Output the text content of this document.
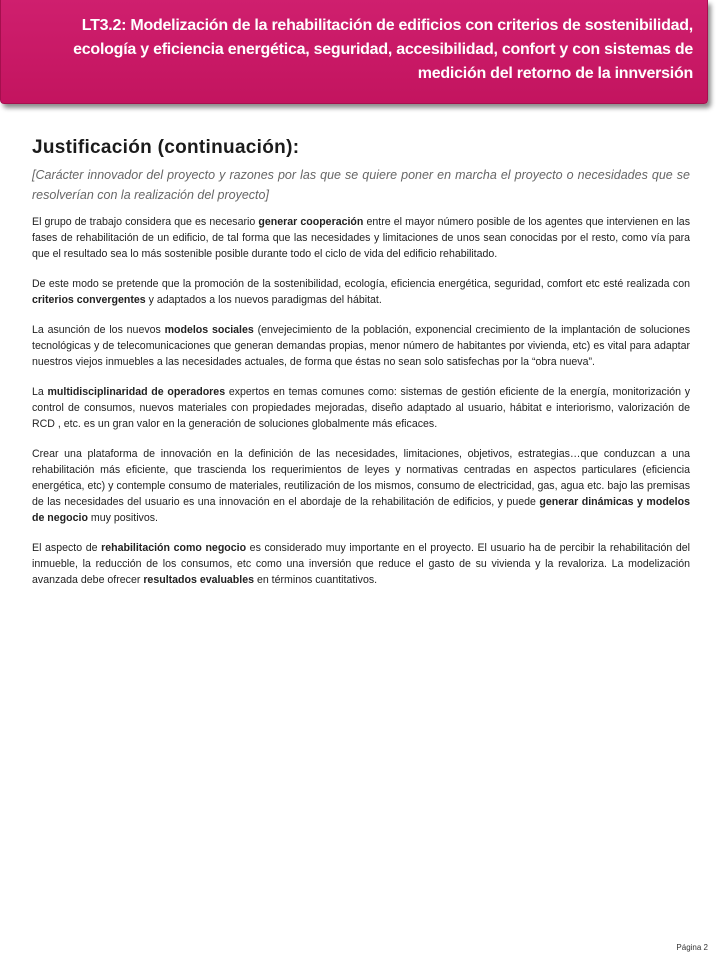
LT3.2: Modelización de la rehabilitación de edificios con criterios de sostenibilidad, ecología y eficiencia energética, seguridad, accesibilidad, confort y con sistemas de medición del retorno de la innversión

Justificación (continuación):

[Carácter innovador del proyecto y razones por las que se quiere poner en marcha el proyecto o necesidades que se resolverían con la realización del proyecto]

El grupo de trabajo considera que es necesario generar cooperación entre el mayor número posible de los agentes que intervienen en las fases de rehabilitación de un edificio, de tal forma que las necesidades y limitaciones de unos sean conocidas por el resto, como vía para que el resultado sea lo más sostenible posible durante todo el ciclo de vida del edificio rehabilitado.

De este modo se pretende que la promoción de la sostenibilidad, ecología, eficiencia energética, seguridad, comfort etc esté realizada con criterios convergentes y adaptados a los nuevos paradigmas del hábitat.

La asunción de los nuevos modelos sociales (envejecimiento de la población, exponencial crecimiento de la implantación de soluciones tecnológicas y de telecomunicaciones que generan demandas propias, menor número de habitantes por vivienda, etc) es vital para adaptar nuestros viejos inmuebles a las necesidades actuales, de forma que éstas no sean solo satisfechas por la “obra nueva”.

La multidisciplinaridad de operadores expertos en temas comunes como: sistemas de gestión eficiente de la energía, monitorización y control de consumos, nuevos materiales con propiedades mejoradas, diseño adaptado al usuario, hábitat e interiorismo, valorización de RCD , etc. es un gran valor en la generación de soluciones globalmente más eficaces.

Crear una plataforma de innovación en la definición de las necesidades, limitaciones, objetivos, estrategias…que conduzcan a una rehabilitación más eficiente, que trascienda los requerimientos de leyes y normativas centradas en aspectos particulares (eficiencia energética, etc) y contemple consumo de materiales, reutilización de los mismos, consumo de electricidad, gas, agua etc. bajo las premisas de las necesidades del usuario es una innovación en el abordaje de la rehabilitación de edificios, y puede generar dinámicas y modelos de negocio muy positivos.

El aspecto de rehabilitación como negocio es considerado muy importante en el proyecto. El usuario ha de percibir la rehabilitación del inmueble, la reducción de los consumos, etc como una inversión que reduce el gasto de su vivienda y la revaloriza. La modelización avanzada debe ofrecer resultados evaluables en términos cuantitativos.

Página 2
